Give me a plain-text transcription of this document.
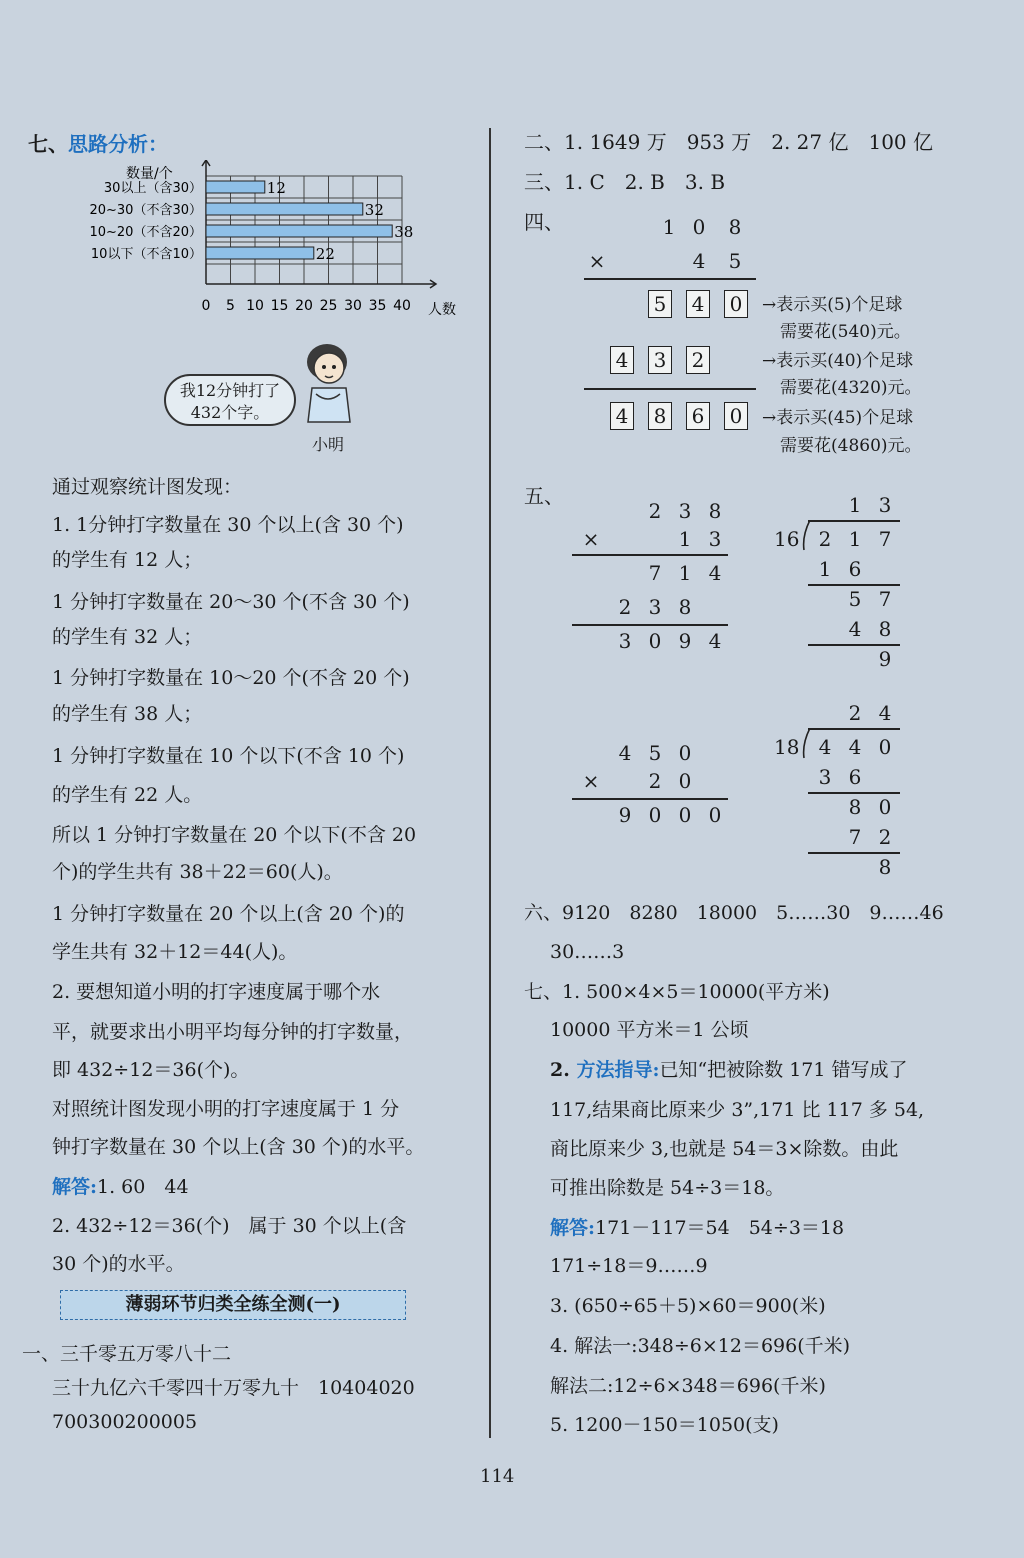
七、思路分析：
数量/个
人数
0 5 10 15 20 25 30 35 40
30以上（含30）	12
20~30（不含30）	32
10~20（不含20）	38
10以下（不含10）	22
我12分钟打了432个字。
小明
通过观察统计图发现：
1. 1分钟打字数量在 30 个以上(含 30 个)
的学生有 12 人；
1 分钟打字数量在 20～30 个(不含 30 个)
的学生有 32 人；
1 分钟打字数量在 10～20 个(不含 20 个)
的学生有 38 人；
1 分钟打字数量在 10 个以下(不含 10 个)
的学生有 22 人。
所以 1 分钟打字数量在 20 个以下(不含 20
个)的学生共有 38＋22＝60(人)。
1 分钟打字数量在 20 个以上(含 20 个)的
学生共有 32＋12＝44(人)。
2. 要想知道小明的打字速度属于哪个水
平，就要求出小明平均每分钟的打字数量，
即 432÷12＝36(个)。
对照统计图发现小明的打字速度属于 1 分
钟打字数量在 30 个以上(含 30 个)的水平。
解答:1. 60　44
2. 432÷12＝36(个)　属于 30 个以上(含
30 个)的水平。
薄弱环节归类全练全测(一)
一、三千零五万零八十二
三十九亿六千零四十万零九十　10404020
700300200005
二、1. 1649 万　953 万　2. 27 亿　100 亿
三、1. C　2. B　3. B
四、	1 0	8
×	4	5
5 4 0
4 3 2
4 8 6 0
→表示买(5)个足球
需要花(540)元。
→表示买(40)个足球
需要花(4320)元。
→表示买(45)个足球
需要花(4860)元。
五、
2 3 8
×	1 3
7 1 4
2 3 8
3 0 9 4
1 3
16 2 1 7
1 6
5 7
4 8
9
4 5 0
×	2 0
9 0 0 0
2 4
18 4 4 0
3 6
8 0
7 2
8
六、9120　8280　18000　5……30　9……46
30……3
七、1. 500×4×5＝10000(平方米)
10000 平方米＝1 公顷
2. 方法指导:已知“把被除数 171 错写成了
117,结果商比原来少 3”,171 比 117 多 54,
商比原来少 3,也就是 54＝3×除数。由此
可推出除数是 54÷3＝18。
解答:171－117＝54　54÷3＝18
171÷18＝9……9
3. (650÷65＋5)×60＝900(米)
4. 解法一:348÷6×12＝696(千米)
解法二:12÷6×348＝696(千米)
5. 1200－150＝1050(支)
114
